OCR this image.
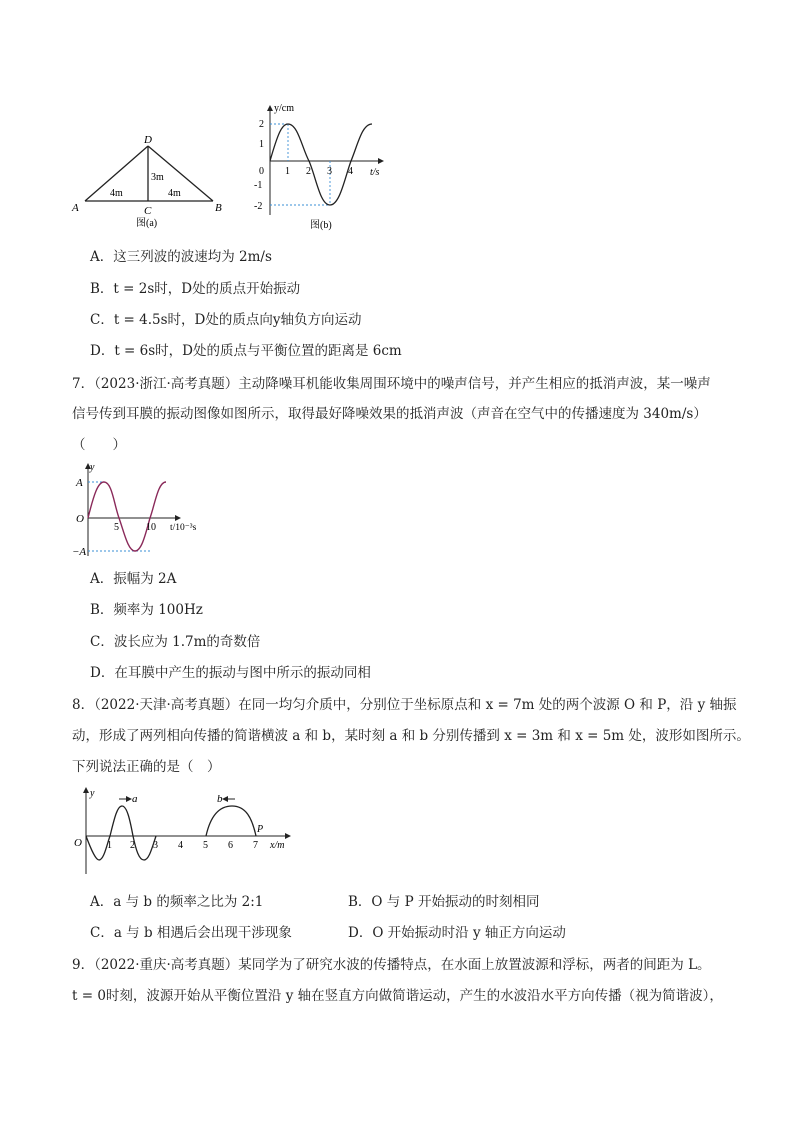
D
A	B
C
4m	4m
3m
图(a)
y/cm
t/s
2
1
0
-1
-2
1 2 3 4
图(b)
A．这三列波的波速均为 2m/s
B．t = 2s时，D处的质点开始振动
C．t = 4.5s时，D处的质点向y轴负方向运动
D．t = 6s时，D处的质点与平衡位置的距离是 6cm
7．（2023·浙江·高考真题）主动降噪耳机能收集周围环境中的噪声信号，并产生相应的抵消声波，某一噪声
信号传到耳膜的振动图像如图所示，取得最好降噪效果的抵消声波（声音在空气中的传播速度为 340m/s）
（　　）
y
A
O
−A
5	10 t/10⁻³s
A．振幅为 2A
B．频率为 100Hz
C．波长应为 1.7m的奇数倍
D．在耳膜中产生的振动与图中所示的振动同相
8．（2022·天津·高考真题）在同一均匀介质中，分别位于坐标原点和 x = 7m 处的两个波源 O 和 P，沿 y 轴振
动，形成了两列相向传播的简谐横波 a 和 b，某时刻 a 和 b 分别传播到 x = 3m 和 x = 5m 处，波形如图所示。
下列说法正确的是（　）
y
O
a	b
P
1 2 3 4 5 6 7 x/m
A．a 与 b 的频率之比为 2:1	B．O 与 P 开始振动的时刻相同
C．a 与 b 相遇后会出现干涉现象	D．O 开始振动时沿 y 轴正方向运动
9．（2022·重庆·高考真题）某同学为了研究水波的传播特点，在水面上放置波源和浮标，两者的间距为 L。
t = 0时刻，波源开始从平衡位置沿 y 轴在竖直方向做简谐运动，产生的水波沿水平方向传播（视为简谐波），
